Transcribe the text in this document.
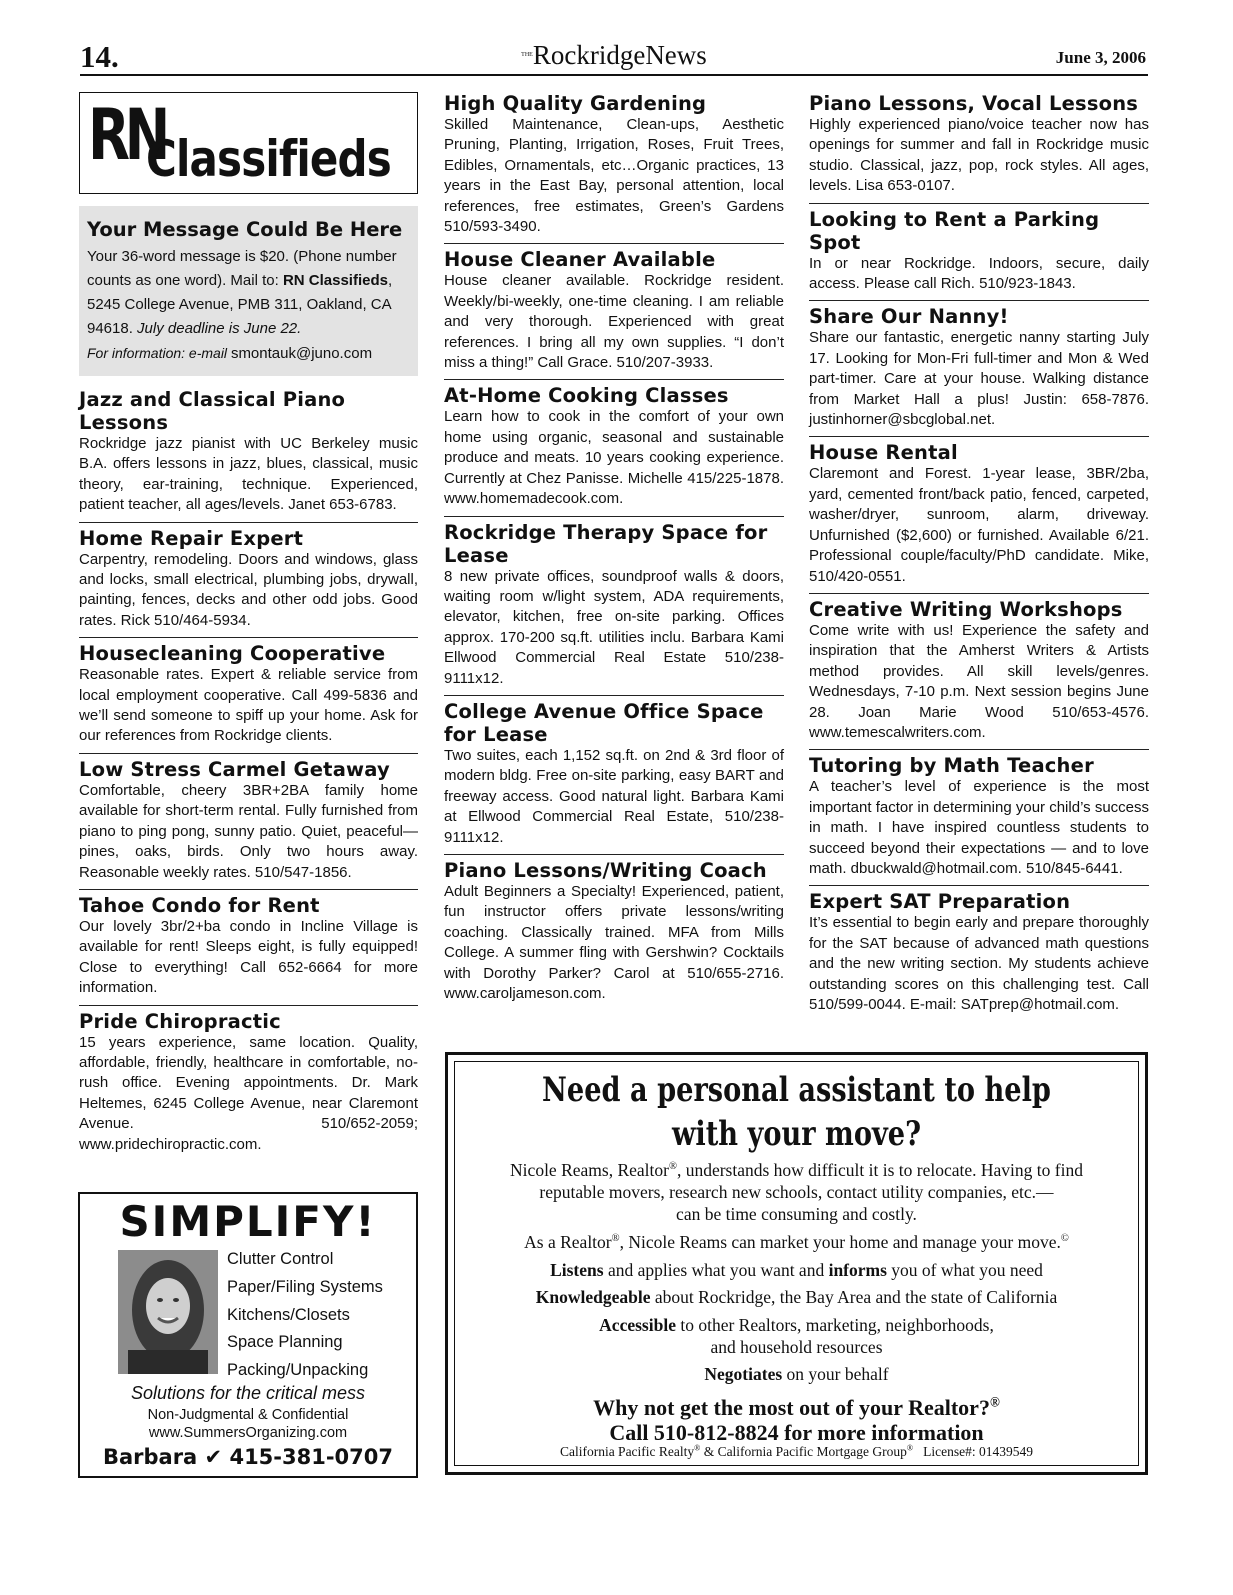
14.	$^{THE}$RockridgeNews	June 3, 2006
RN
Classifieds
Your Message Could Be Here

Your 36-word message is $20. (Phone number counts as one word). Mail to: RN Classifieds, 5245 College Avenue, PMB 311, Oakland, CA 94618. July deadline is June 22.
For information: e-mail smontauk@juno.com

Jazz and Classical Piano Lessons

Rockridge jazz pianist with UC Berkeley music B.A. offers lessons in jazz, blues, classical, music theory, ear-training, technique. Experienced, patient teacher, all ages/levels. Janet 653-6783.

Home Repair Expert

Carpentry, remodeling. Doors and windows, glass and locks, small electrical, plumbing jobs, drywall, painting, fences, decks and other odd jobs. Good rates. Rick 510/464-5934.

Housecleaning Cooperative

Reasonable rates. Expert & reliable service from local employment cooperative. Call 499-5836 and we’ll send someone to spiff up your home. Ask for our references from Rockridge clients.

Low Stress Carmel Getaway

Comfortable, cheery 3BR+2BA family home available for short-term rental. Fully furnished from piano to ping pong, sunny patio. Quiet, peaceful—pines, oaks, birds. Only two hours away. Reasonable weekly rates. 510/547-1856.

Tahoe Condo for Rent

Our lovely 3br/2+ba condo in Incline Village is available for rent! Sleeps eight, is fully equipped! Close to everything! Call 652-6664 for more information.

Pride Chiropractic

15 years experience, same location. Quality, affordable, friendly, healthcare in comfortable, no-rush office. Evening appointments. Dr. Mark Heltemes, 6245 College Avenue, near Claremont Avenue. 510/652-2059; www.pridechiropractic.com.

High Quality Gardening

Skilled Maintenance, Clean-ups, Aesthetic Pruning, Planting, Irrigation, Roses, Fruit Trees, Edibles, Ornamentals, etc…Organic practices, 13 years in the East Bay, personal attention, local references, free estimates, Green’s Gardens 510/593-3490.

House Cleaner Available

House cleaner available. Rockridge resident. Weekly/bi-weekly, one-time cleaning. I am reliable and very thorough. Experienced with great references. I bring all my own supplies. “I don’t miss a thing!” Call Grace. 510/207-3933.

At-Home Cooking Classes

Learn how to cook in the comfort of your own home using organic, seasonal and sustainable produce and meats. 10 years cooking experience. Currently at Chez Panisse. Michelle 415/225-1878. www.homemadecook.com.

Rockridge Therapy Space for Lease

8 new private offices, soundproof walls & doors, waiting room w/light system, ADA requirements, elevator, kitchen, free on-site parking. Offices approx. 170-200 sq.ft. utilities inclu. Barbara Kami Ellwood Commercial Real Estate 510/238-9111x12.

College Avenue Office Space for Lease

Two suites, each 1,152 sq.ft. on 2nd & 3rd floor of modern bldg. Free on-site parking, easy BART and freeway access. Good natural light. Barbara Kami at Ellwood Commercial Real Estate, 510/238-9111x12.

Piano Lessons/Writing Coach

Adult Beginners a Specialty! Experienced, patient, fun instructor offers private lessons/writing coaching. Classically trained. MFA from Mills College. A summer fling with Gershwin? Cocktails with Dorothy Parker? Carol at 510/655-2716. www.caroljameson.com.

Piano Lessons, Vocal Lessons

Highly experienced piano/voice teacher now has openings for summer and fall in Rockridge music studio. Classical, jazz, pop, rock styles. All ages, levels. Lisa 653-0107.

Looking to Rent a Parking Spot

In or near Rockridge. Indoors, secure, daily access. Please call Rich. 510/923-1843.

Share Our Nanny!

Share our fantastic, energetic nanny starting July 17. Looking for Mon-Fri full-timer and Mon & Wed part-timer. Care at your house. Walking distance from Market Hall a plus! Justin: 658-7876. justinhorner@sbcglobal.net.

House Rental

Claremont and Forest. 1-year lease, 3BR/2ba, yard, cemented front/back patio, fenced, carpeted, washer/dryer, sunroom, alarm, driveway. Unfurnished ($2,600) or furnished. Available 6/21. Professional couple/faculty/PhD candidate. Mike, 510/420-0551.

Creative Writing Workshops

Come write with us! Experience the safety and inspiration that the Amherst Writers & Artists method provides. All skill levels/genres. Wednesdays, 7-10 p.m. Next session begins June 28. Joan Marie Wood 510/653-4576. www.temescalwriters.com.

Tutoring by Math Teacher

A teacher’s level of experience is the most important factor in determining your child’s success in math. I have inspired countless students to succeed beyond their expectations — and to love math. dbuckwald@hotmail.com. 510/845-6441.

Expert SAT Preparation

It’s essential to begin early and prepare thoroughly for the SAT because of advanced math questions and the new writing section. My students achieve outstanding scores on this challenging test. Call 510/599-0044. E-mail: SATprep@hotmail.com.

SIMPLIFY!
Clutter Control
Paper/Filing Systems
Kitchens/Closets
Space Planning
Packing/Unpacking
Solutions for the critical mess
Non-Judgmental & Confidential
www.SummersOrganizing.com
Barbara ✔ 415-381-0707
Need a personal assistant to help
with your move?
Nicole Reams, Realtor®, understands how difficult it is to relocate. Having to find
reputable movers, research new schools, contact utility companies, etc.—
can be time consuming and costly.
As a Realtor®, Nicole Reams can market your home and manage your move.©
Listens and applies what you want and informs you of what you need
Knowledgeable about Rockridge, the Bay Area and the state of California
Accessible to other Realtors, marketing, neighborhoods,
and household resources
Negotiates on your behalf
Why not get the most out of your Realtor?®
Call 510-812-8824 for more information
California Pacific Realty® & California Pacific Mortgage Group®   License#: 01439549
